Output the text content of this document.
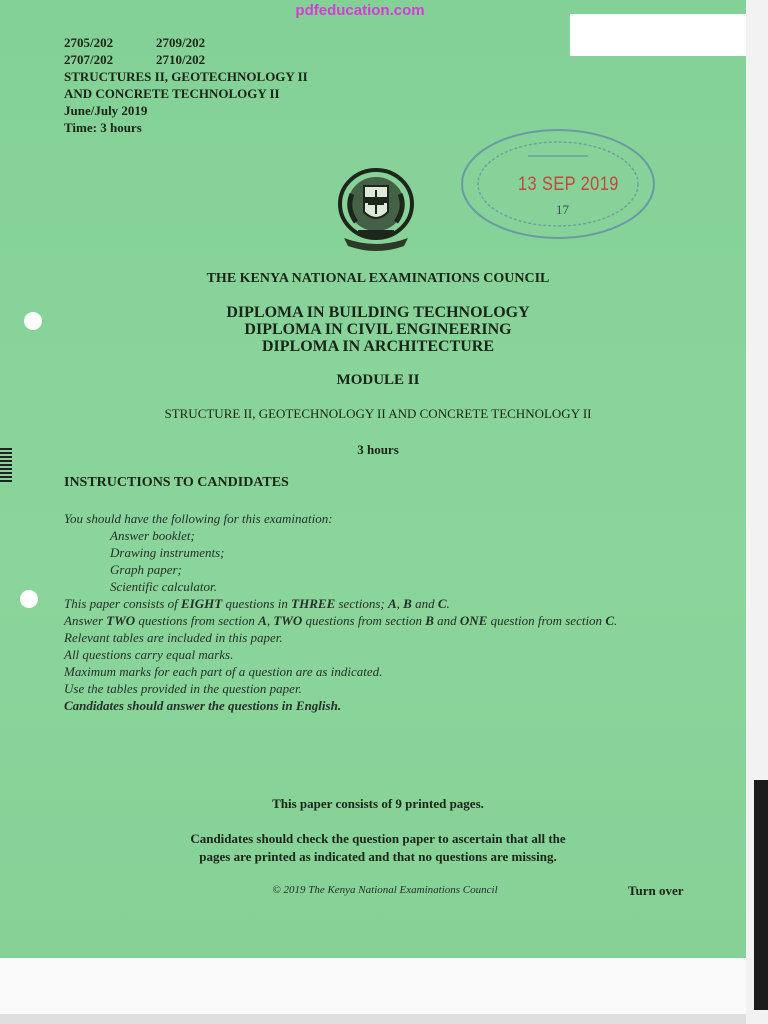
pdfeducation.com
2705/202	2709/202
2707/202	2710/202
STRUCTURES II, GEOTECHNOLOGY II
AND CONCRETE TECHNOLOGY II
June/July 2019
Time: 3 hours
13 SEP 2019
17
THE KENYA NATIONAL EXAMINATIONS COUNCIL
DIPLOMA IN BUILDING TECHNOLOGY
DIPLOMA IN CIVIL ENGINEERING
DIPLOMA IN ARCHITECTURE
MODULE II
STRUCTURE II, GEOTECHNOLOGY II AND CONCRETE TECHNOLOGY II
3 hours
INSTRUCTIONS TO CANDIDATES
You should have the following for this examination:
Answer booklet;
Drawing instruments;
Graph paper;
Scientific calculator.
This paper consists of EIGHT questions in THREE sections; A, B and C.
Answer TWO questions from section A, TWO questions from section B and ONE question from section C.
Relevant tables are included in this paper.
All questions carry equal marks.
Maximum marks for each part of a question are as indicated.
Use the tables provided in the question paper.
Candidates should answer the questions in English.
This paper consists of 9 printed pages.
Candidates should check the question paper to ascertain that all the
pages are printed as indicated and that no questions are missing.
© 2019 The Kenya National Examinations Council	Turn over
